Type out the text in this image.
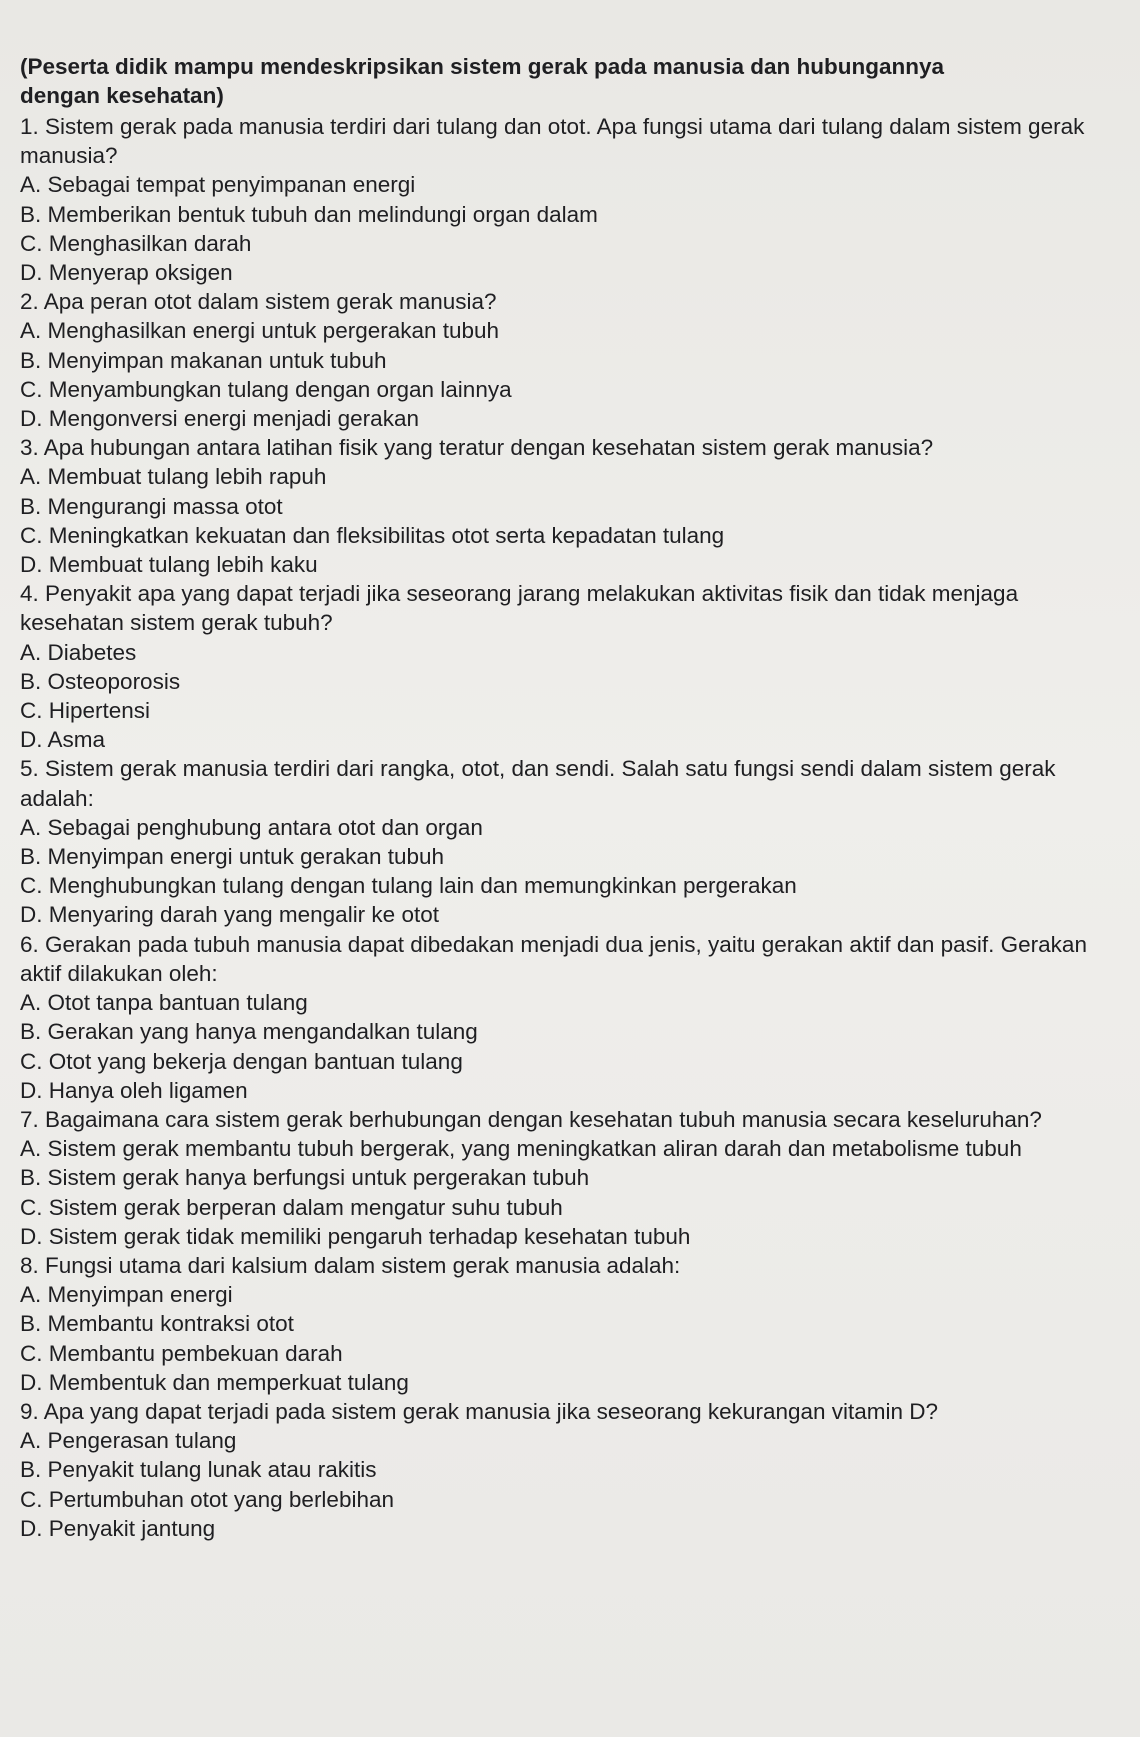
(Peserta didik mampu mendeskripsikan sistem gerak pada manusia dan hubungannya
dengan kesehatan)

1. Sistem gerak pada manusia terdiri dari tulang dan otot. Apa fungsi utama dari tulang dalam sistem gerak manusia?

A. Sebagai tempat penyimpanan energi

B. Memberikan bentuk tubuh dan melindungi organ dalam

C. Menghasilkan darah

D. Menyerap oksigen

2. Apa peran otot dalam sistem gerak manusia?

A. Menghasilkan energi untuk pergerakan tubuh

B. Menyimpan makanan untuk tubuh

C. Menyambungkan tulang dengan organ lainnya

D. Mengonversi energi menjadi gerakan

3. Apa hubungan antara latihan fisik yang teratur dengan kesehatan sistem gerak manusia?

A. Membuat tulang lebih rapuh

B. Mengurangi massa otot

C. Meningkatkan kekuatan dan fleksibilitas otot serta kepadatan tulang

D. Membuat tulang lebih kaku

4. Penyakit apa yang dapat terjadi jika seseorang jarang melakukan aktivitas fisik dan tidak menjaga kesehatan sistem gerak tubuh?

A. Diabetes

B. Osteoporosis

C. Hipertensi

D. Asma

5. Sistem gerak manusia terdiri dari rangka, otot, dan sendi. Salah satu fungsi sendi dalam sistem gerak adalah:

A. Sebagai penghubung antara otot dan organ

B. Menyimpan energi untuk gerakan tubuh

C. Menghubungkan tulang dengan tulang lain dan memungkinkan pergerakan

D. Menyaring darah yang mengalir ke otot

6. Gerakan pada tubuh manusia dapat dibedakan menjadi dua jenis, yaitu gerakan aktif dan pasif. Gerakan aktif dilakukan oleh:

A. Otot tanpa bantuan tulang

B. Gerakan yang hanya mengandalkan tulang

C. Otot yang bekerja dengan bantuan tulang

D. Hanya oleh ligamen

7. Bagaimana cara sistem gerak berhubungan dengan kesehatan tubuh manusia secara keseluruhan?

A. Sistem gerak membantu tubuh bergerak, yang meningkatkan aliran darah dan metabolisme tubuh

B. Sistem gerak hanya berfungsi untuk pergerakan tubuh

C. Sistem gerak berperan dalam mengatur suhu tubuh

D. Sistem gerak tidak memiliki pengaruh terhadap kesehatan tubuh

8. Fungsi utama dari kalsium dalam sistem gerak manusia adalah:

A. Menyimpan energi

B. Membantu kontraksi otot

C. Membantu pembekuan darah

D. Membentuk dan memperkuat tulang

9. Apa yang dapat terjadi pada sistem gerak manusia jika seseorang kekurangan vitamin D?

A. Pengerasan tulang

B. Penyakit tulang lunak atau rakitis

C. Pertumbuhan otot yang berlebihan

D. Penyakit jantung
